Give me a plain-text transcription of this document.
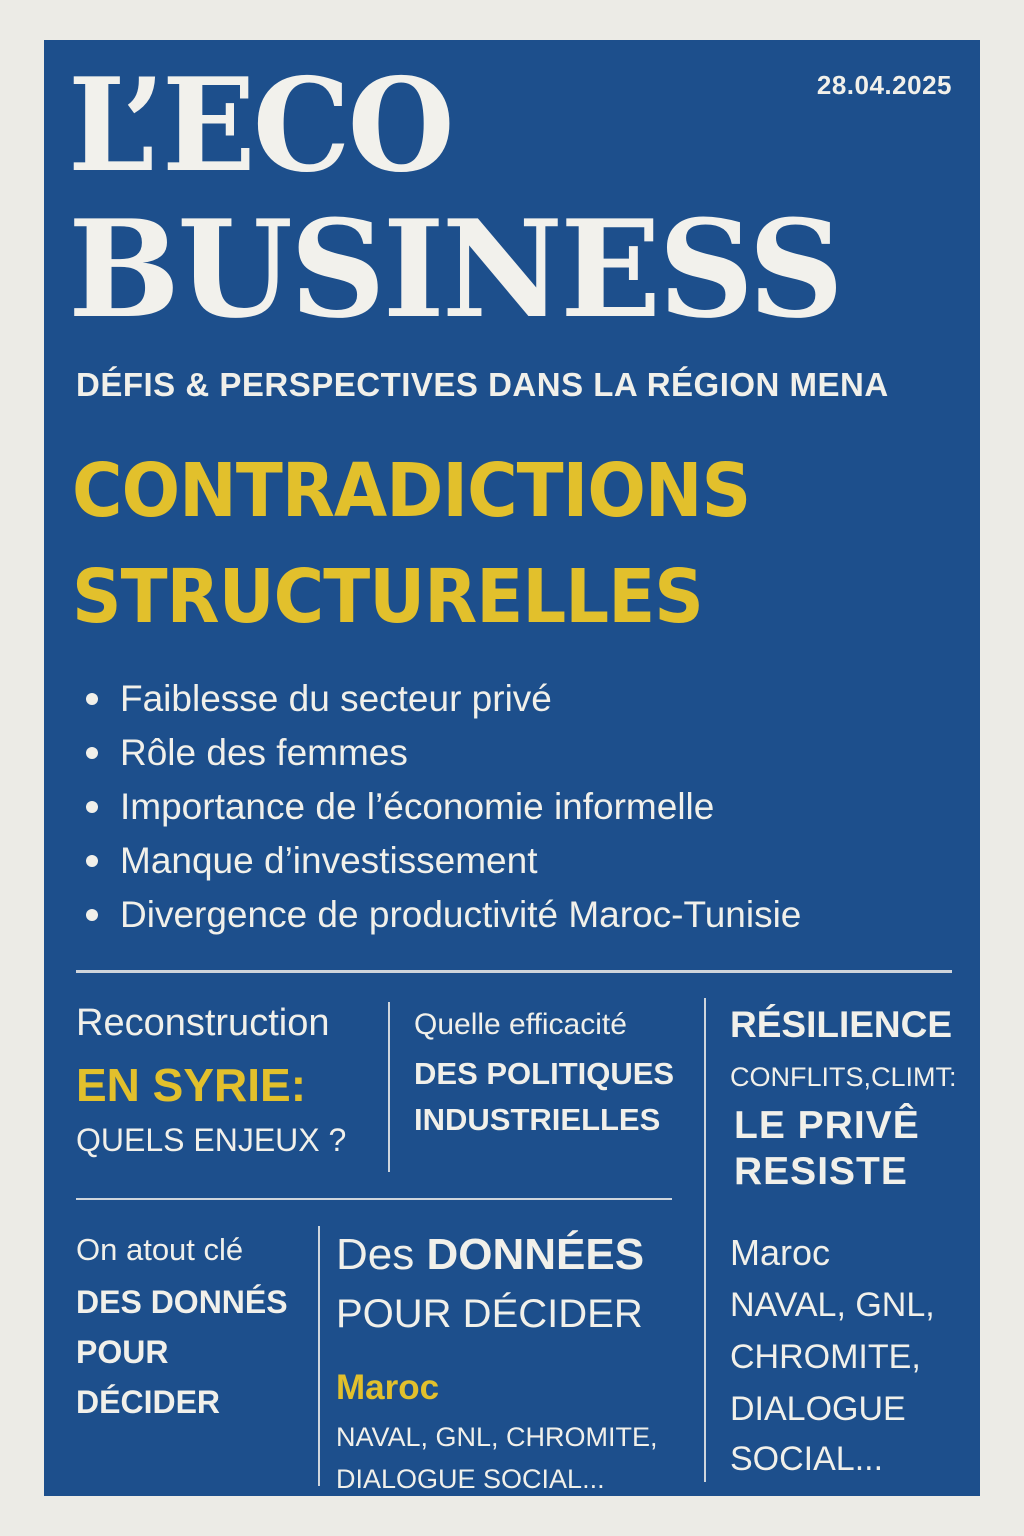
L’ECO
BUSINESS
28.04.2025
DÉFIS & PERSPECTIVES DANS LA RÉGION MENA
CONTRADICTIONS
STRUCTURELLES
Faiblesse du secteur privé
Rôle des femmes
Importance de l’économie informelle
Manque d’investissement
Divergence de productivité Maroc-Tunisie
Reconstruction
EN SYRIE:
QUELS ENJEUX ?
Quelle efficacité
DES POLITIQUES
INDUSTRIELLES
RÉSILIENCE
CONFLITS,CLIMT:
LE PRIVÊ
RESISTE
On atout clé
DES DONNÉS
POUR
DÉCIDER
Des DONNÉES
POUR DÉCIDER
Maroc
NAVAL, GNL, CHROMITE,
DIALOGUE SOCIAL...
Maroc
NAVAL, GNL,
CHROMITE,
DIALOGUE
SOCIAL...
